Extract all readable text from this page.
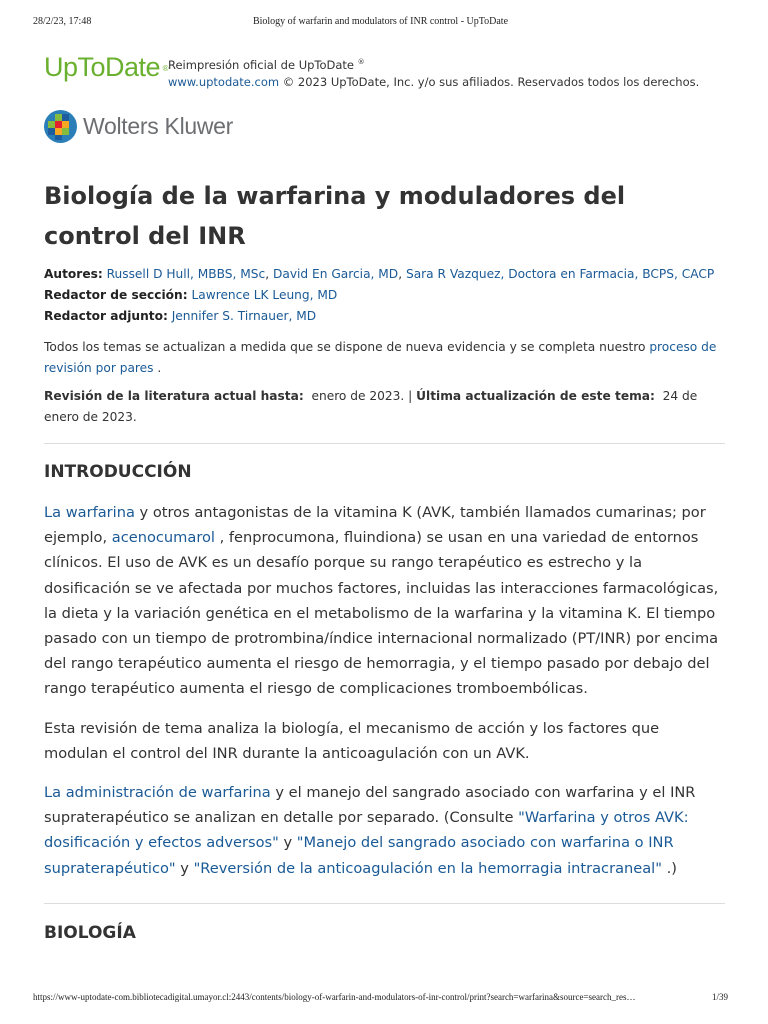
28/2/23, 17:48	Biology of warfarin and modulators of INR control - UpToDate
UpToDate ® Reimpresión oficial de UpToDate ®
www.uptodate.com © 2023 UpToDate, Inc. y/o sus afiliados. Reservados todos los derechos.
Wolters Kluwer
Biología de la warfarina y moduladores del control del INR
Autores: Russell D Hull, MBBS, MSc, David En Garcia, MD, Sara R Vazquez, Doctora en Farmacia, BCPS, CACP
Redactor de sección: Lawrence LK Leung, MD
Redactor adjunto: Jennifer S. Tirnauer, MD
Todos los temas se actualizan a medida que se dispone de nueva evidencia y se completa nuestro proceso de revisión por pares .
Revisión de la literatura actual hasta: enero de 2023. | Última actualización de este tema: 24 de enero de 2023.
INTRODUCCIÓN

La warfarina y otros antagonistas de la vitamina K (AVK, también llamados cumarinas; por ejemplo, acenocumarol , fenprocumona, fluindiona) se usan en una variedad de entornos clínicos. El uso de AVK es un desafío porque su rango terapéutico es estrecho y la dosificación se ve afectada por muchos factores, incluidas las interacciones farmacológicas, la dieta y la variación genética en el metabolismo de la warfarina y la vitamina K. El tiempo pasado con un tiempo de protrombina/índice internacional normalizado (PT/INR) por encima del rango terapéutico aumenta el riesgo de hemorragia, y el tiempo pasado por debajo del rango terapéutico aumenta el riesgo de complicaciones tromboembólicas.

Esta revisión de tema analiza la biología, el mecanismo de acción y los factores que modulan el control del INR durante la anticoagulación con un AVK.

La administración de warfarina y el manejo del sangrado asociado con warfarina y el INR supraterapéutico se analizan en detalle por separado. (Consulte "Warfarina y otros AVK: dosificación y efectos adversos" y "Manejo del sangrado asociado con warfarina o INR supraterapéutico" y "Reversión de la anticoagulación en la hemorragia intracraneal" .)

BIOLOGÍA
https://www-uptodate-com.bibliotecadigital.umayor.cl:2443/contents/biology-of-warfarin-and-modulators-of-inr-control/print?search=warfarina&source=search_res…	1/39
